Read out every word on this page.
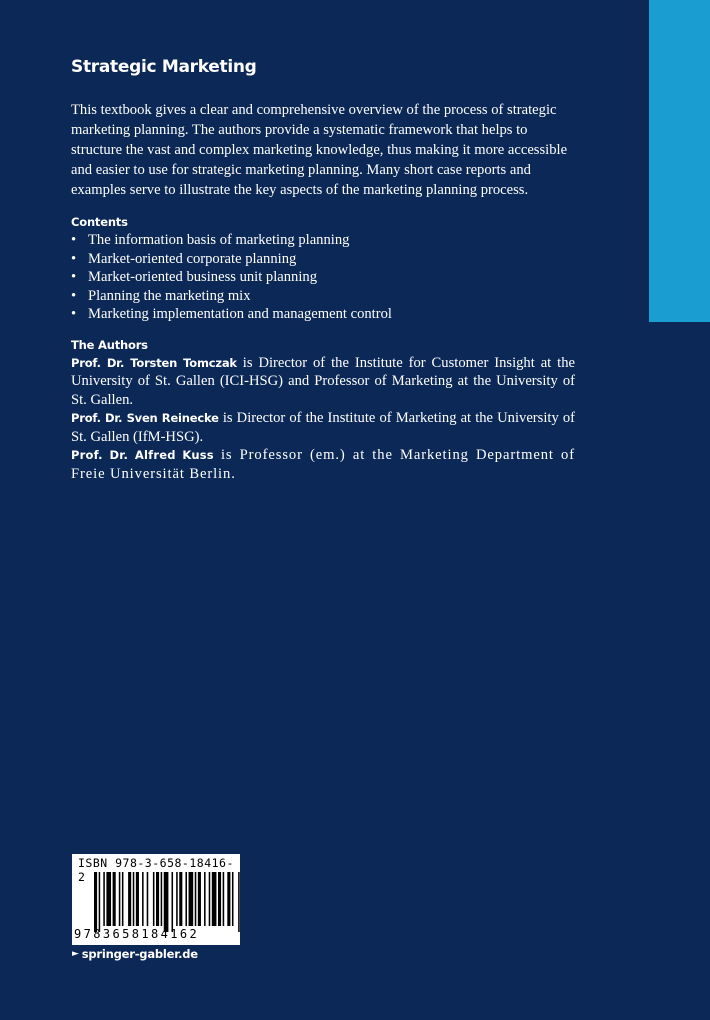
Strategic Marketing

This textbook gives a clear and comprehensive overview of the process of strategic marketing planning. The authors provide a systematic framework that helps to structure the vast and complex marketing knowledge, thus making it more accessible and easier to use for strategic marketing planning. Many short case reports and examples serve to illustrate the key aspects of the marketing planning process.

Contents
• The information basis of marketing planning
• Market-oriented corporate planning
• Market-oriented business unit planning
• Planning the marketing mix
• Marketing implementation and management control
The Authors

Prof. Dr. Torsten Tomczak is Director of the Institute for Customer Insight at the University of St. Gallen (ICI-HSG) and Professor of Marketing at the University of St. Gallen.

Prof. Dr. Sven Reinecke is Director of the Institute of Marketing at the University of St. Gallen (IfM-HSG).

Prof. Dr. Alfred Kuss is Professor (em.) at the Marketing Department of Freie Universität Berlin.

ISBN 978-3-658-18416-2
9783658184162
► springer-gabler.de
